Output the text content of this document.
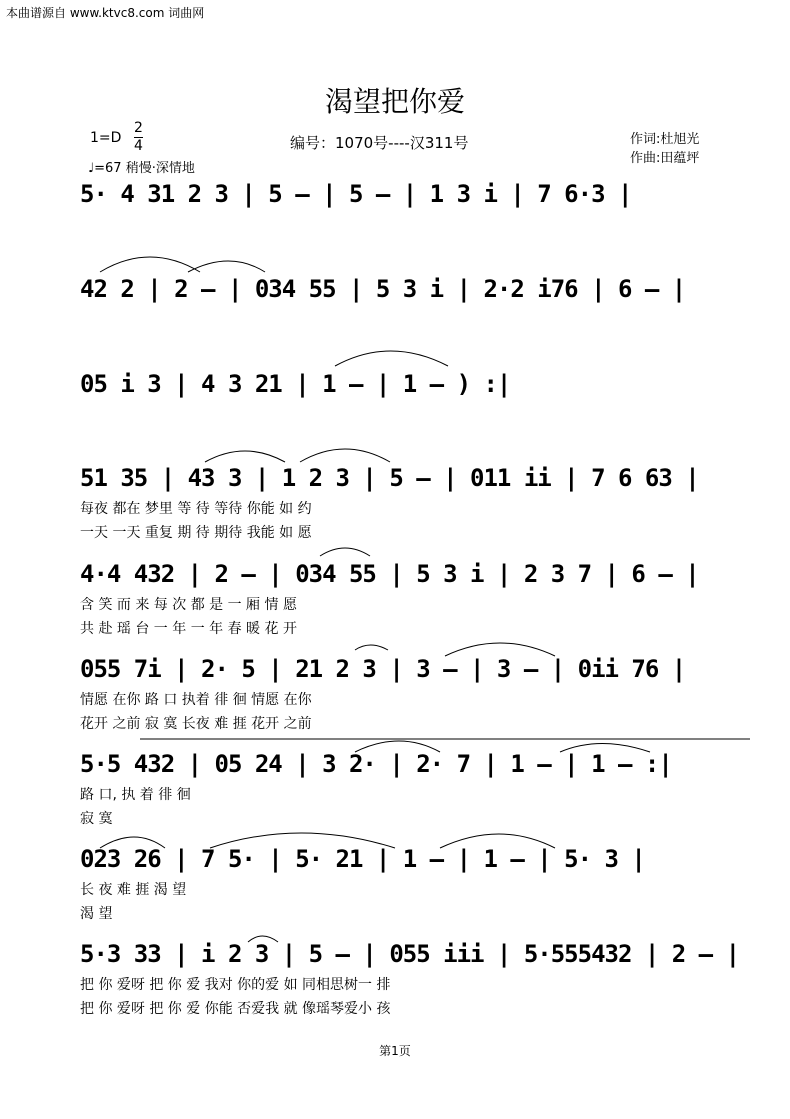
本曲谱源自 www.ktvc8.com 词曲网
渴望把你爱
1=D
2
4
♩=67 稍慢·深情地
编号：1070号----汉311号	作词:杜旭光
作曲:田蕴坪
5· 4 31 2 3 | 5 — | 5 — | 1 3 i | 7 6·3 |
42 2 | 2 — | 034 55 | 5 3 i | 2·2 i76 | 6 — |
05 i 3 | 4 3 21 | 1 — | 1 — ) :|
51 35 | 43 3 | 1 2 3 | 5 — | 011 ii | 7 6 63 |
每夜 都在 梦里 等 待 等待 你能 如 约
一天 一天 重复 期 待 期待 我能 如 愿
4·4 432 | 2 — | 034 55 | 5 3 i | 2 3 7 | 6 — |
含 笑 而 来 每 次 都 是 一 厢 情 愿
共 赴 瑶 台 一 年 一 年 春 暖 花 开
055 7i | 2· 5 | 21 2 3 | 3 — | 3 — | 0ii 76 |
情愿 在你 路 口 执着 徘 徊 情愿 在你
花开 之前 寂 寞 长夜 难 捱 花开 之前
5·5 432 | 05 24 | 3 2· | 2· 7 | 1 — | 1 — :|
路 口, 执 着 徘 徊
寂 寞
023 26 | 7 5· | 5· 21 | 1 — | 1 — | 5· 3 |
长 夜 难 捱 渴 望
渴 望
5·3 33 | i 2 3 | 5 — | 055 iii | 5·555432 | 2 — |
把 你 爱呀 把 你 爱 我对 你的爱 如 同相思树一 排
把 你 爱呀 把 你 爱 你能 否爱我 就 像瑶琴爱小 孩
第1页
